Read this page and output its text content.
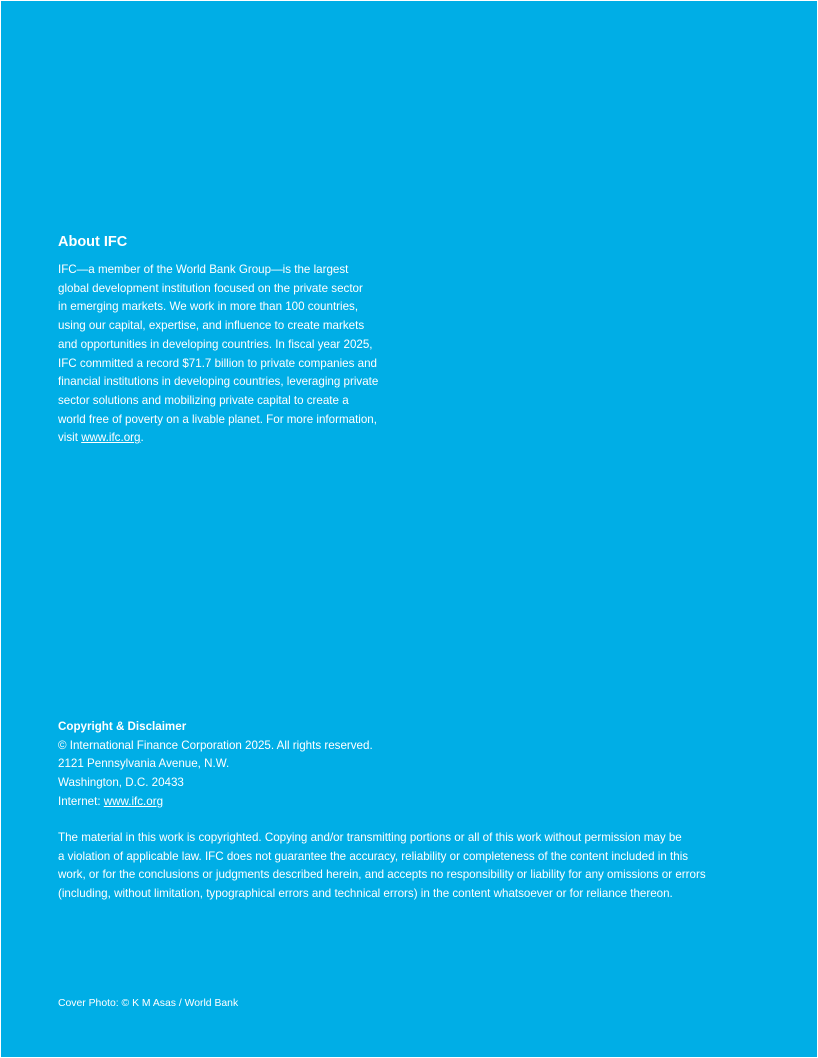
About IFC

IFC—a member of the World Bank Group—is the largest

global development institution focused on the private sector

in emerging markets. We work in more than 100 countries,

using our capital, expertise, and influence to create markets

and opportunities in developing countries. In fiscal year 2025,

IFC committed a record $71.7 billion to private companies and

financial institutions in developing countries, leveraging private

sector solutions and mobilizing private capital to create a

world free of poverty on a livable planet. For more information,

visit www.ifc.org.

Copyright & Disclaimer

© International Finance Corporation 2025. All rights reserved.

2121 Pennsylvania Avenue, N.W.

Washington, D.C. 20433

Internet: www.ifc.org

The material in this work is copyrighted. Copying and/or transmitting portions or all of this work without permission may be

a violation of applicable law. IFC does not guarantee the accuracy, reliability or completeness of the content included in this

work, or for the conclusions or judgments described herein, and accepts no responsibility or liability for any omissions or errors

(including, without limitation, typographical errors and technical errors) in the content whatsoever or for reliance thereon.

Cover Photo: © K M Asas / World Bank
